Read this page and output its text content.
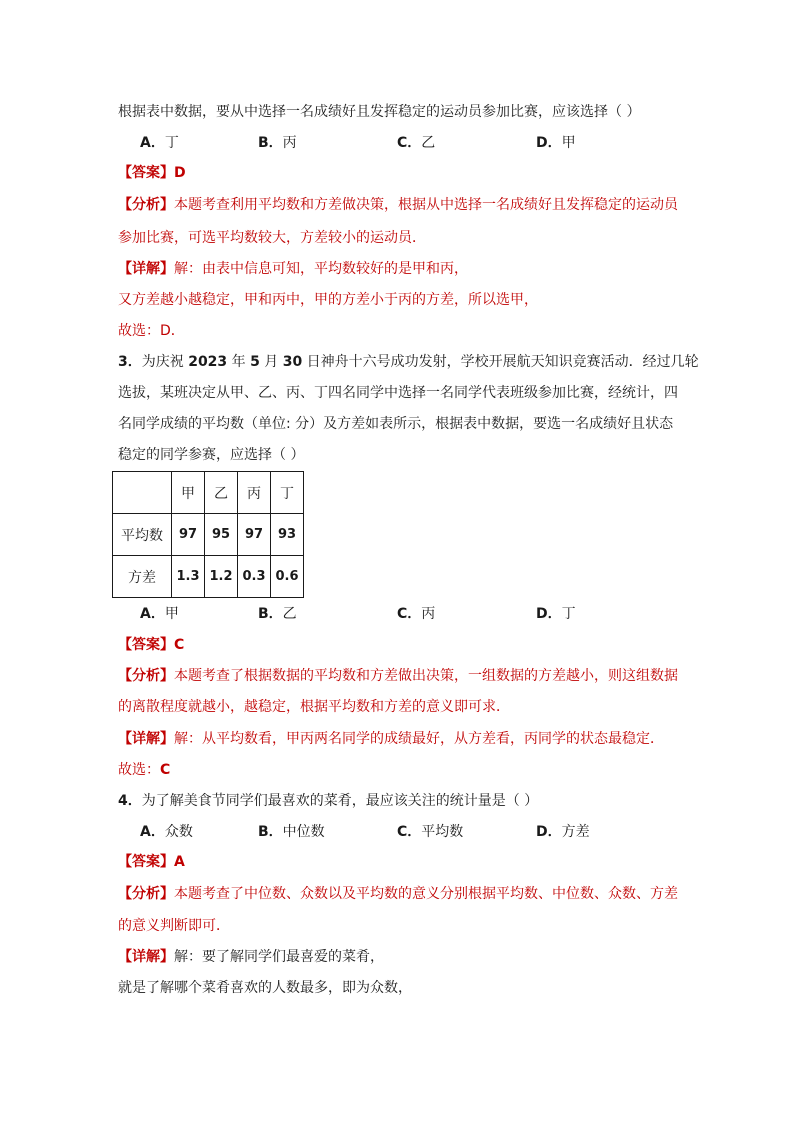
根据表中数据，要从中选择一名成绩好且发挥稳定的运动员参加比赛，应该选择（ ）
A．丁	B．丙	C．乙	D．甲
【答案】D
【分析】本题考查利用平均数和方差做决策，根据从中选择一名成绩好且发挥稳定的运动员
参加比赛，可选平均数较大，方差较小的运动员．
【详解】解：由表中信息可知，平均数较好的是甲和丙，
又方差越小越稳定，甲和丙中，甲的方差小于丙的方差，所以选甲，
故选：D．
3．为庆祝 2023 年 5 月 30 日神舟十六号成功发射，学校开展航天知识竞赛活动．经过几轮
选拔，某班决定从甲、乙、丙、丁四名同学中选择一名同学代表班级参加比赛，经统计，四
名同学成绩的平均数（单位: 分）及方差如表所示，根据表中数据，要选一名成绩好且状态
稳定的同学参赛，应选择（ ）
	甲	乙	丙	丁
平均数	97	95	97	93
方差	1.3	1.2	0.3	0.6
A．甲	B．乙	C．丙	D．丁
【答案】C
【分析】本题考查了根据数据的平均数和方差做出决策，一组数据的方差越小，则这组数据
的离散程度就越小，越稳定，根据平均数和方差的意义即可求．
【详解】解：从平均数看，甲丙两名同学的成绩最好，从方差看，丙同学的状态最稳定．
故选：C
4．为了解美食节同学们最喜欢的菜肴，最应该关注的统计量是（ ）
A．众数	B．中位数	C．平均数	D．方差
【答案】A
【分析】本题考查了中位数、众数以及平均数的意义分别根据平均数、中位数、众数、方差
的意义判断即可．
【详解】解：要了解同学们最喜爱的菜肴，
就是了解哪个菜肴喜欢的人数最多，即为众数，
